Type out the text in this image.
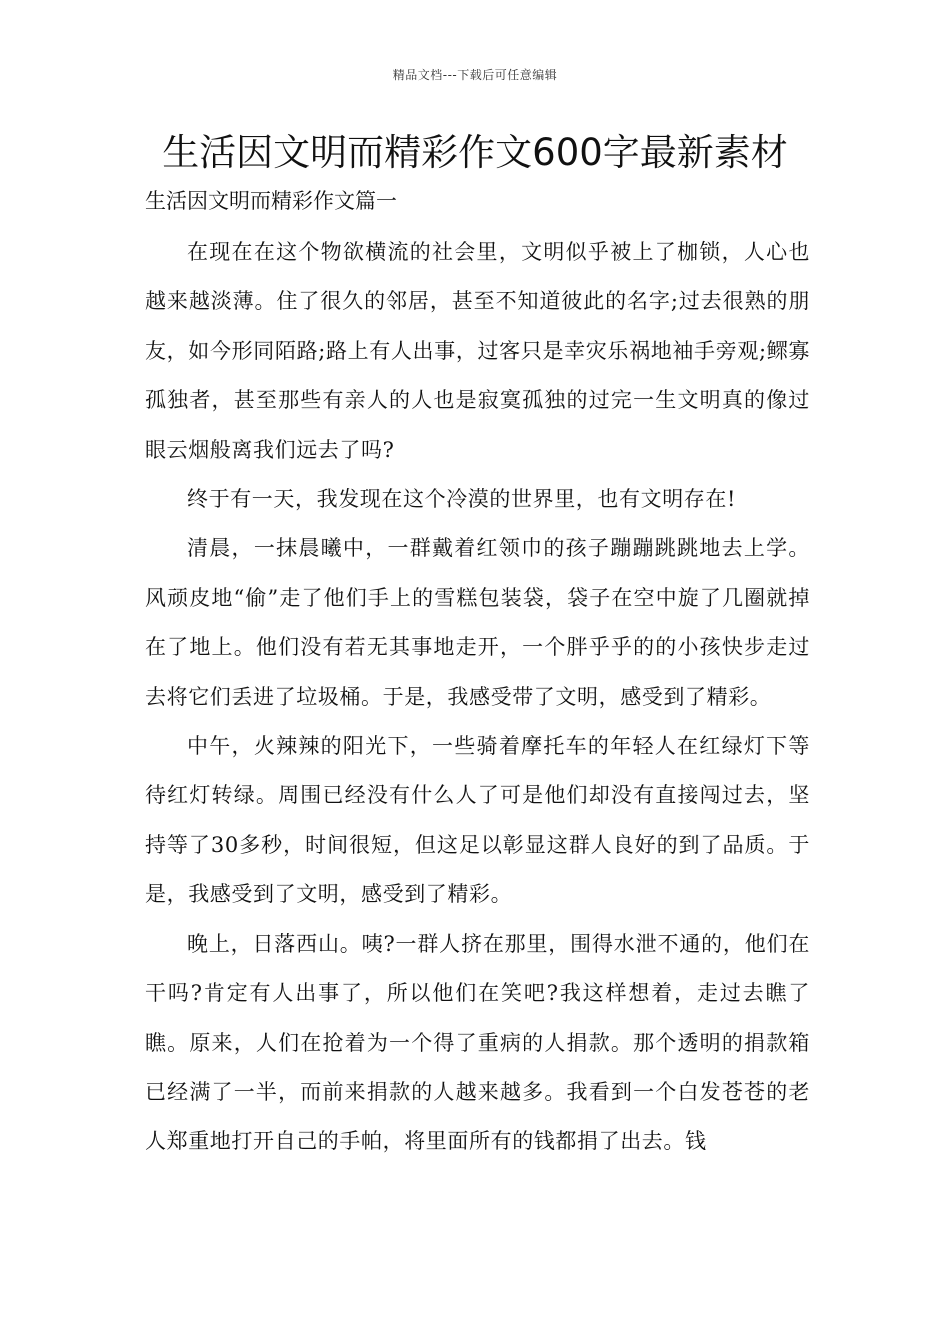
精品文档---下载后可任意编辑
生活因文明而精彩作文600字最新素材

生活因文明而精彩作文篇一

在现在在这个物欲横流的社会里，文明似乎被上了枷锁，人心也越来越淡薄。住了很久的邻居，甚至不知道彼此的名字;过去很熟的朋友，如今形同陌路;路上有人出事，过客只是幸灾乐祸地袖手旁观;鳏寡孤独者，甚至那些有亲人的人也是寂寞孤独的过完一生文明真的像过眼云烟般离我们远去了吗?

终于有一天，我发现在这个冷漠的世界里，也有文明存在!

清晨，一抹晨曦中，一群戴着红领巾的孩子蹦蹦跳跳地去上学。风顽皮地“偷”走了他们手上的雪糕包装袋，袋子在空中旋了几圈就掉在了地上。他们没有若无其事地走开，一个胖乎乎的的小孩快步走过去将它们丢进了垃圾桶。于是，我感受带了文明，感受到了精彩。

中午，火辣辣的阳光下，一些骑着摩托车的年轻人在红绿灯下等待红灯转绿。周围已经没有什么人了可是他们却没有直接闯过去，坚持等了30多秒，时间很短，但这足以彰显这群人良好的到了品质。于是，我感受到了文明，感受到了精彩。

晚上，日落西山。咦?一群人挤在那里，围得水泄不通的，他们在干吗?肯定有人出事了，所以他们在笑吧?我这样想着，走过去瞧了瞧。原来，人们在抢着为一个得了重病的人捐款。那个透明的捐款箱已经满了一半，而前来捐款的人越来越多。我看到一个白发苍苍的老人郑重地打开自己的手帕，将里面所有的钱都捐了出去。钱
